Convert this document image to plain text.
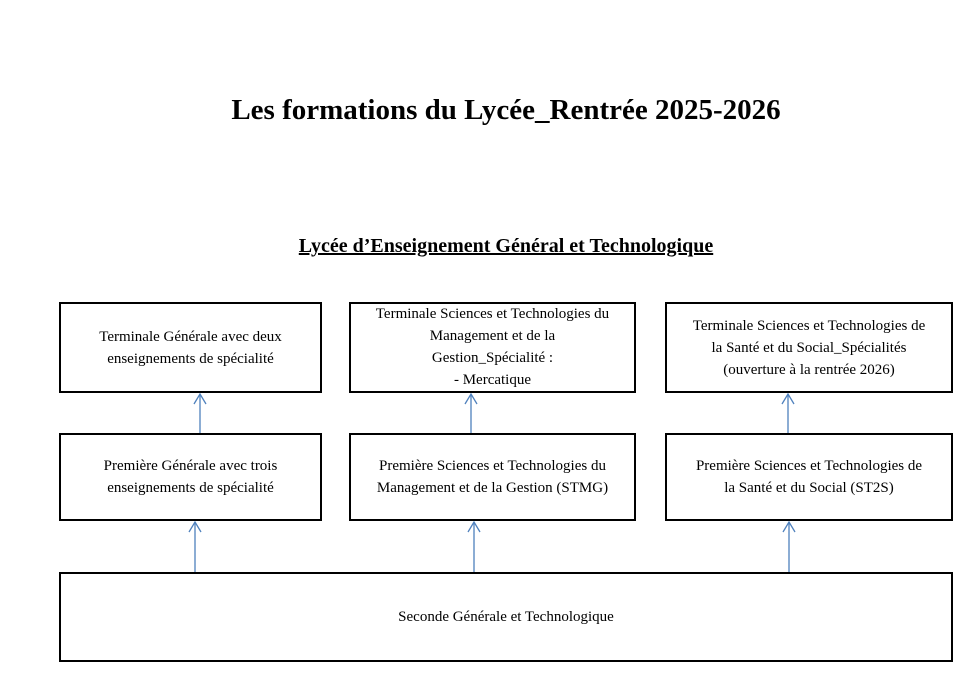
Les formations du Lycée_Rentrée 2025-2026
Lycée d’Enseignement Général et Technologique
Terminale Générale avec deux
enseignements de spécialité
Terminale Sciences et Technologies du
Management et de la
Gestion_Spécialité :
- Mercatique
Terminale Sciences et Technologies de
la Santé et du Social_Spécialités
(ouverture à la rentrée 2026)
Première Générale avec trois
enseignements de spécialité
Première Sciences et Technologies du
Management et de la Gestion (STMG)
Première Sciences et Technologies de
la Santé et du Social (ST2S)
Seconde Générale et Technologique
